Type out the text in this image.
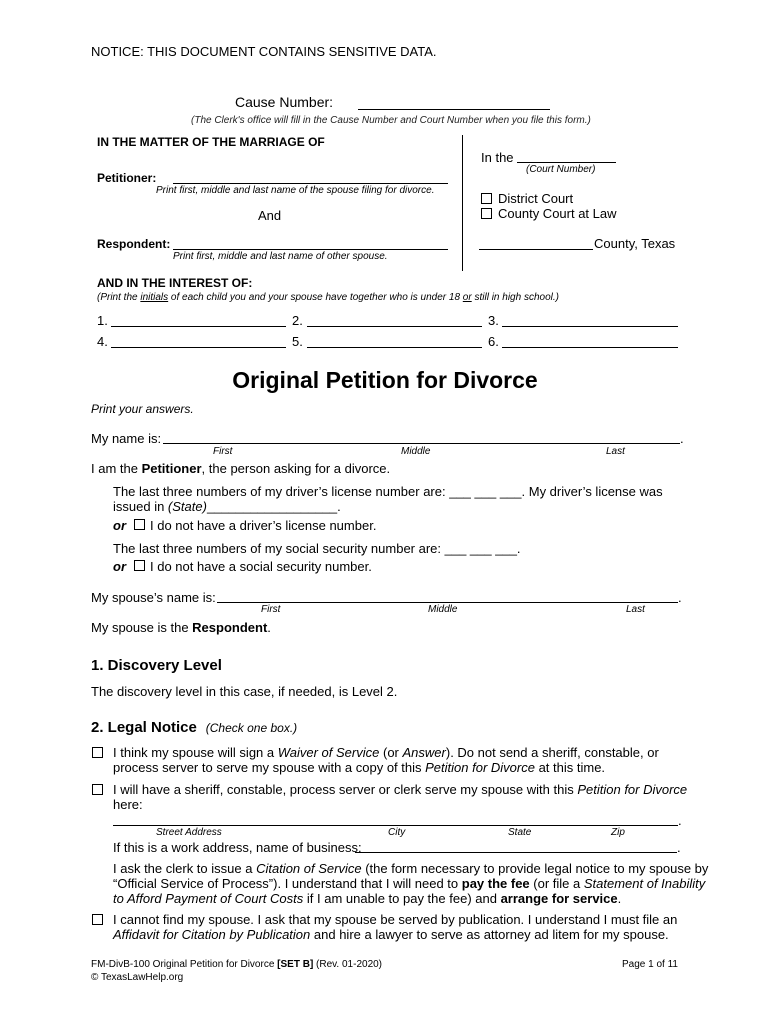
NOTICE: THIS DOCUMENT CONTAINS SENSITIVE DATA.
Cause Number:
(The Clerk's office will fill in the Cause Number and Court Number when you file this form.)
IN THE MATTER OF THE MARRIAGE OF
Petitioner:
Print first, middle and last name of the spouse filing for divorce.
And
Respondent:
Print first, middle and last name of other spouse.
In the
(Court Number)
District Court
County Court at Law
County, Texas
AND IN THE INTEREST OF:
(Print the initials of each child you and your spouse have together who is under 18 or still in high school.)
1.	2.	3.
4.	5.	6.
Original Petition for Divorce
Print your answers.
My name is:	.
First	Middle	Last
I am the Petitioner, the person asking for a divorce.
The last three numbers of my driver’s license number are: ___ ___ ___. My driver’s license was
issued in (State)__________________.
or I do not have a driver’s license number.
The last three numbers of my social security number are: ___ ___ ___.
or I do not have a social security number.
My spouse’s name is:	.
First	Middle	Last
My spouse is the Respondent.
1. Discovery Level
The discovery level in this case, if needed, is Level 2.
2. Legal Notice (Check one box.)
I think my spouse will sign a Waiver of Service (or Answer). Do not send a sheriff, constable, or
process server to serve my spouse with a copy of this Petition for Divorce at this time.
I will have a sheriff, constable, process server or clerk serve my spouse with this Petition for Divorce
here:
.
Street Address	City	State	Zip
If this is a work address, name of business:	.
I ask the clerk to issue a Citation of Service (the form necessary to provide legal notice to my spouse by
“Official Service of Process”). I understand that I will need to pay the fee (or file a Statement of Inability
to Afford Payment of Court Costs if I am unable to pay the fee) and arrange for service.
I cannot find my spouse. I ask that my spouse be served by publication. I understand I must file an
Affidavit for Citation by Publication and hire a lawyer to serve as attorney ad litem for my spouse.
FM-DivB-100 Original Petition for Divorce [SET B] (Rev. 01-2020)
© TexasLawHelp.org
Page 1 of 11
